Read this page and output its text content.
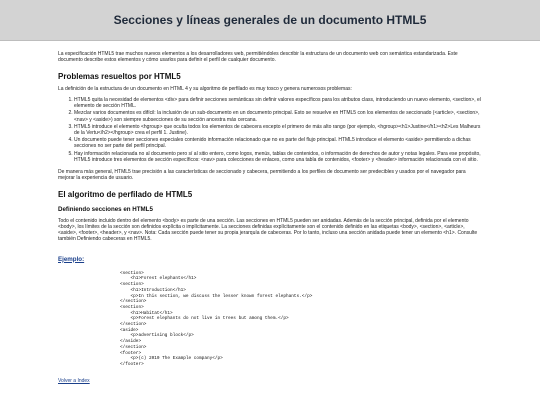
Secciones y líneas generales de un documento HTML5

La especificación HTML5 trae muchos nuevos elementos a los desarrolladores web, permitiéndoles describir la estructura de un documento web con semántica estandarizada. Este documento describe estos elementos y cómo usarlos para definir el perfil de cualquier documento.

Problemas resueltos por HTML5

La definición de la estructura de un documento en HTML 4 y su algoritmo de perfilado es muy tosco y genera numerosos problemas:

1. HTML5 quita la necesidad de elementos <div> para definir secciones semánticas sin definir valores específicos para los atributos class, introduciendo un nuevo elemento, <section>, el elemento de sección HTML.
2. Mezclar varios documentos es difícil: la inclusión de un sub-documento en un documento principal. Esto se resuelve en HTML5 con los elementos de seccionado (<article>, <section>, <nav> y <aside>) son siempre subsecciones de su sección ancestra más cercana.
3. HTML5 introduce el elemento <hgroup> que oculta todos los elementos de cabecera excepto el primero de más alto rango (por ejemplo, <hgroup><h1>Justine</h1><h2>Les Malheurs de la Vertu</h2></hgroup> crea el perfil 1. Justine).
4. Un documento puede tener secciones especiales contenido información relacionado que no es parte del flujo principal. HTML5 introduce el elemento <aside> permitiendo a dichas secciones no ser parte del perfil principal.
5. Hay información relacionada no al documento pero sí al sitio entero, como logos, menús, tablas de contenidos, o información de derechos de autor y notas legales. Para ese propósito, HTML5 introduce tres elementos de sección específicos: <nav> para colecciones de enlaces, como una tabla de contenidos, <footer> y <header> información relacionada con el sitio.

De manera más general, HTML5 trae precisión a las características de seccionado y cabecera, permitiendo a los perfiles de documento ser predecibles y usados por el navegador para mejorar la experiencia de usuario.

El algoritmo de perfilado de HTML5
Definiendo secciones en HTML5

Todo el contenido incluido dentro del elemento <body> es parte de una sección. Las secciones en HTML5 pueden ser anidadas. Además de la sección principal, definida por el elemento <body>, los límites de la sección son definidos explícita o implícitamente. La secciones definidas explícitamente son el contenido definido en las etiquetas <body>, <section>, <article>, <aside>, <footer>, <header>, y <nav>. Nota: Cada sección puede tener su propia jerarquía de cabeceras. Por lo tanto, incluso una sección anidada puede tener un elemento <h1>. Consulte también Definiendo cabeceras en HTML5.

Ejemplo:
<section>
<h1>Forest elephants</h1>
<section>
<h1>Introduction</h1>
<p>In this section, we discuss the lesser known forest elephants.</p>
</section>
<section>
<h1>Habitat</h1>
<p>Forest elephants do not live in trees but among them.</p>
</section>
<aside>
<p>advertising block</p>
</aside>
</section>
<footer>
<p>(c) 2010 The Example company</p>
</footer>
Volver a Index
